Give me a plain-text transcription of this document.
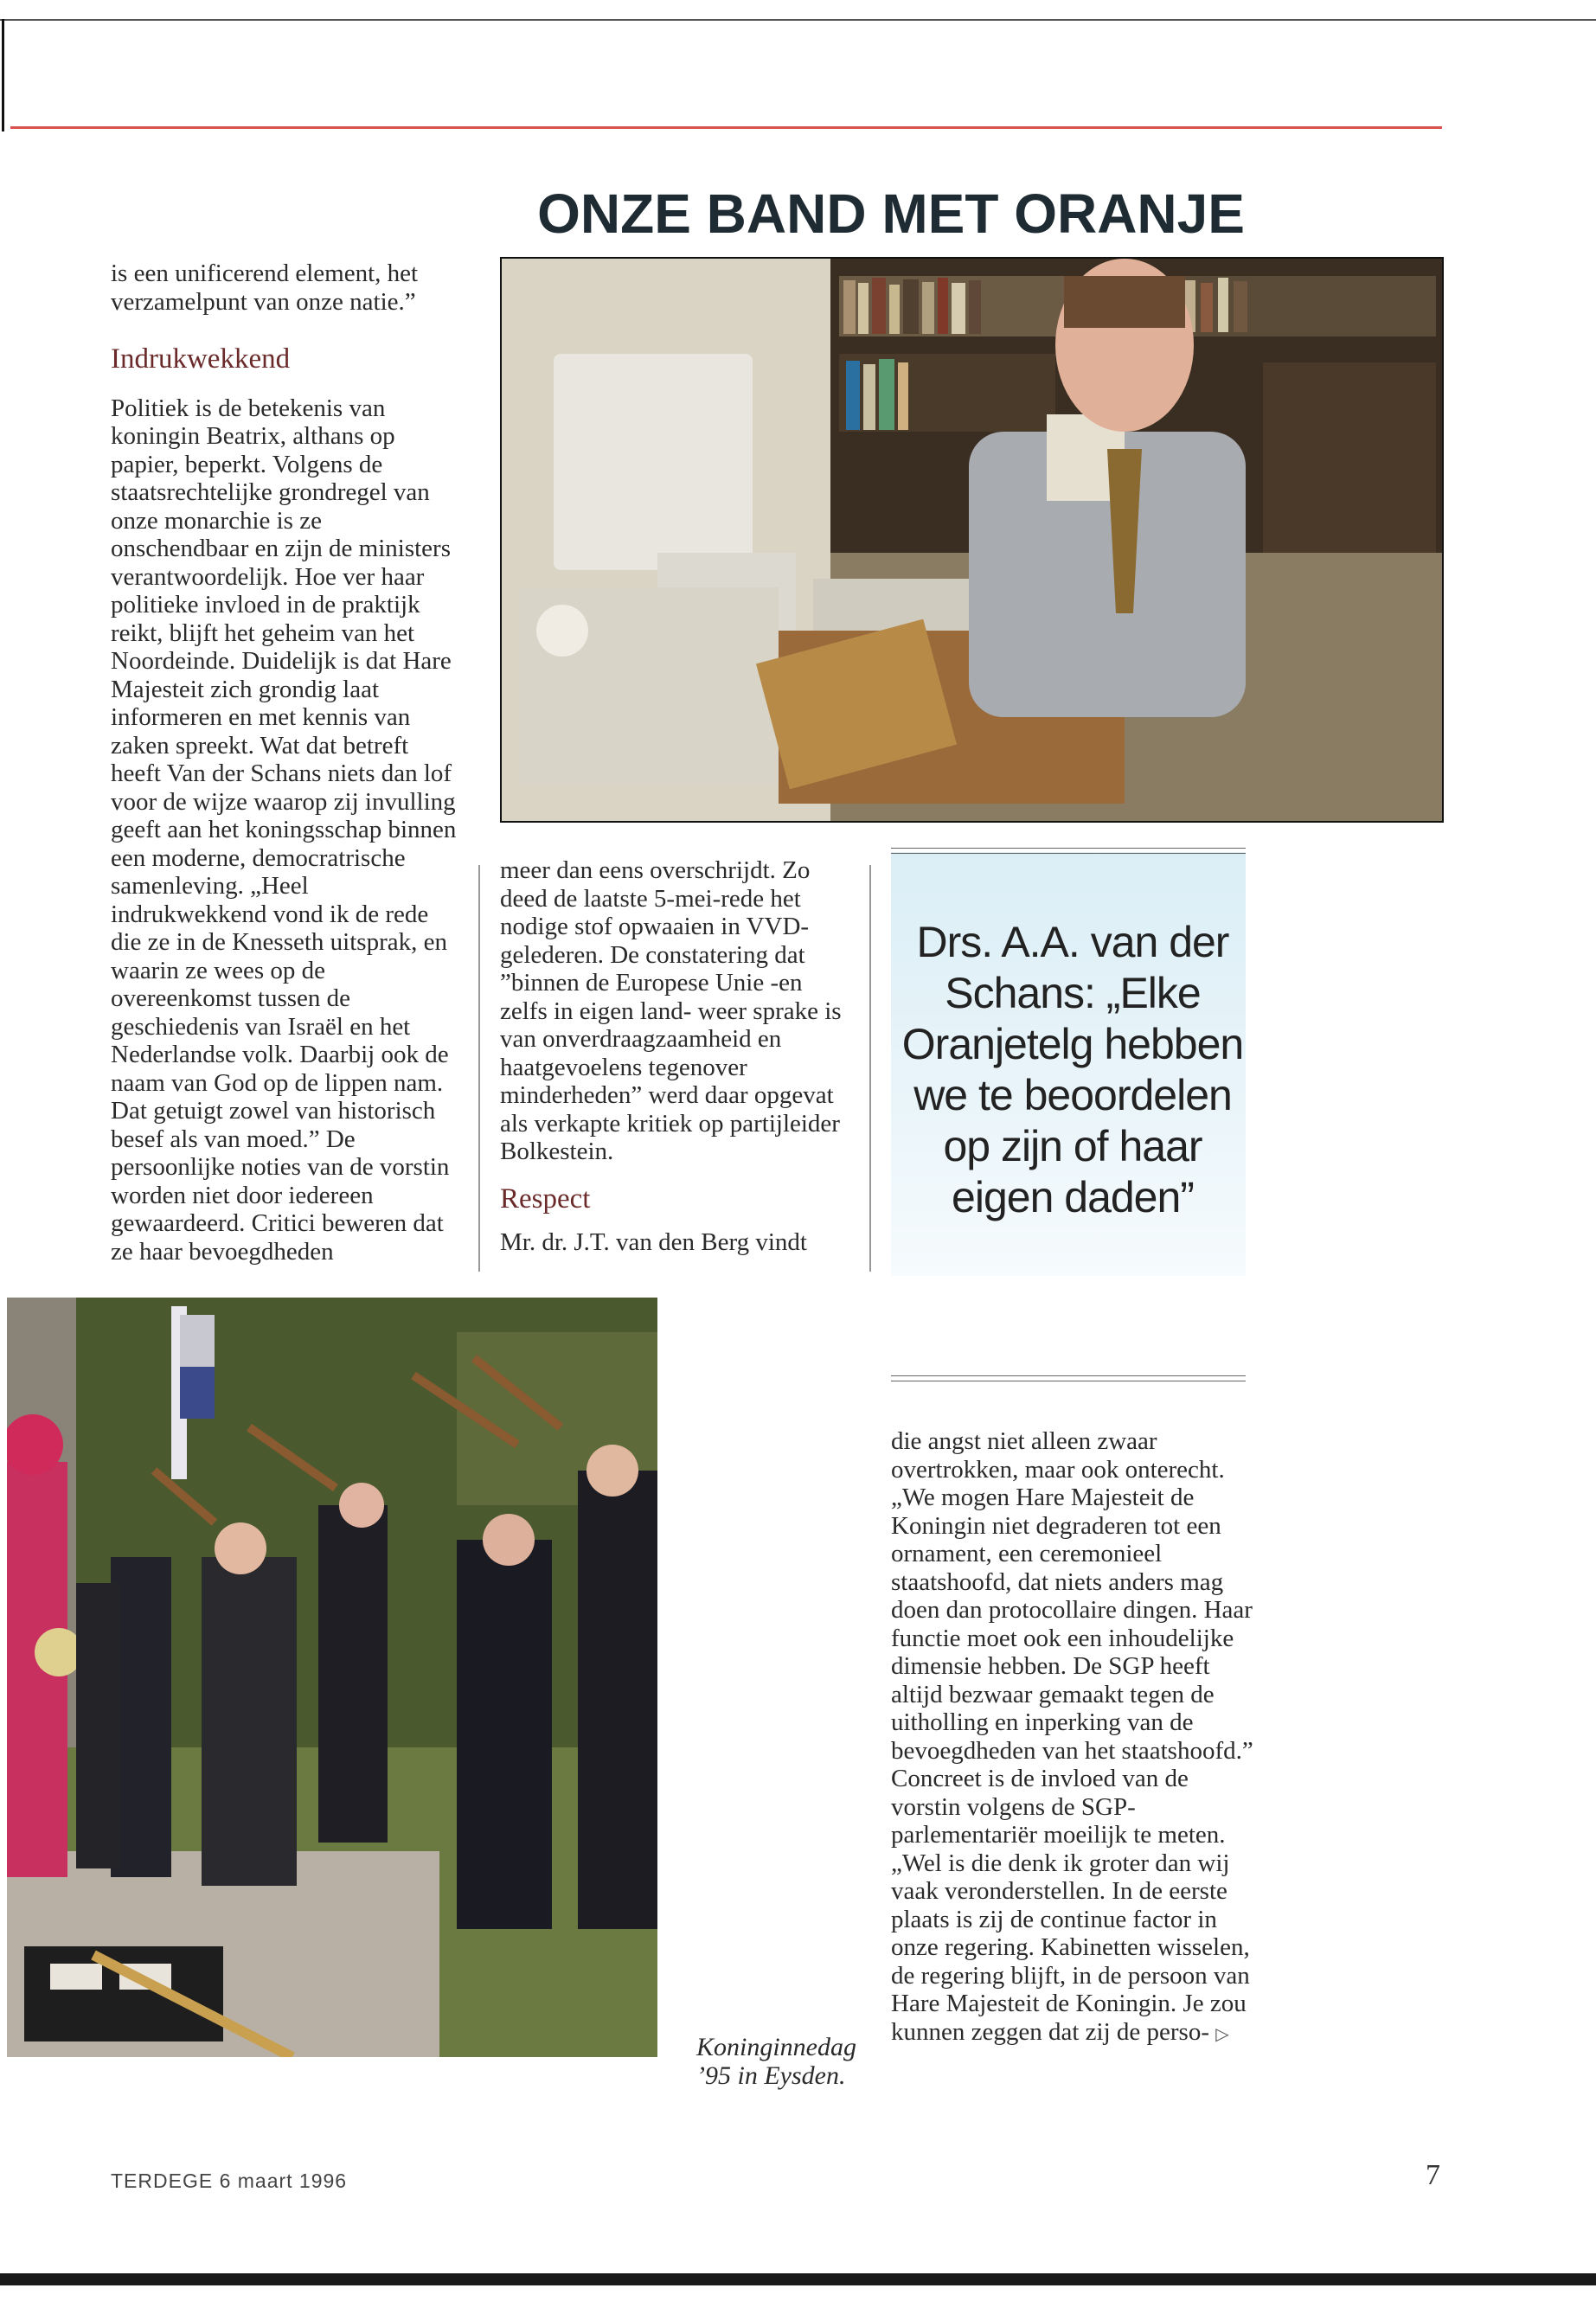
ONZE BAND MET ORANJE

is een unificerend element, het verzamelpunt van onze natie.”

Indrukwekkend

Politiek is de betekenis van koningin Beatrix, althans op papier, beperkt. Volgens de staatsrechtelijke grondregel van onze monarchie is ze onschendbaar en zijn de ministers verantwoordelijk. Hoe ver haar politieke invloed in de praktijk reikt, blijft het geheim van het Noordeinde. Duidelijk is dat Hare Majesteit zich grondig laat informeren en met kennis van zaken spreekt. Wat dat betreft heeft Van der Schans niets dan lof voor de wijze waarop zij invulling geeft aan het koningsschap binnen een moderne, democratrische samenleving. „Heel indrukwekkend vond ik de rede die ze in de Knesseth uitsprak, en waarin ze wees op de overeenkomst tussen de geschiedenis van Israël en het Nederlandse volk. Daarbij ook de naam van God op de lippen nam. Dat getuigt zowel van historisch besef als van moed.” De persoonlijke noties van de vorstin worden niet door iedereen gewaardeerd. Critici beweren dat ze haar bevoegdheden

meer dan eens overschrijdt. Zo deed de laatste 5-mei-rede het nodige stof opwaaien in VVD-gelederen. De constatering dat ”binnen de Europese Unie -en zelfs in eigen land- weer sprake is van onverdraagzaamheid en haatgevoelens tegenover minderheden” werd daar opgevat als verkapte kritiek op partijleider Bolkestein.

Respect

Mr. dr. J.T. van den Berg vindt

Drs. A.A. van der Schans: „Elke Oranjetelg hebben we te beoordelen op zijn of haar eigen daden”

die angst niet alleen zwaar overtrokken, maar ook onterecht. „We mogen Hare Majesteit de Koningin niet degraderen tot een ornament, een ceremonieel staatshoofd, dat niets anders mag doen dan protocollaire dingen. Haar functie moet ook een inhoudelijke dimensie hebben. De SGP heeft altijd bezwaar gemaakt tegen de uitholling en inperking van de bevoegdheden van het staatshoofd.”

Concreet is de invloed van de vorstin volgens de SGP-parlementariër moeilijk te meten. „Wel is die denk ik groter dan wij vaak veronderstellen. In de eerste plaats is zij de continue factor in onze regering. Kabinetten wisselen, de regering blijft, in de persoon van Hare Majesteit de Koningin. Je zou kunnen zeggen dat zij de perso- ▷

Koninginnedag ’95 in Eysden.
TERDEGE 6 maart 1996	7
